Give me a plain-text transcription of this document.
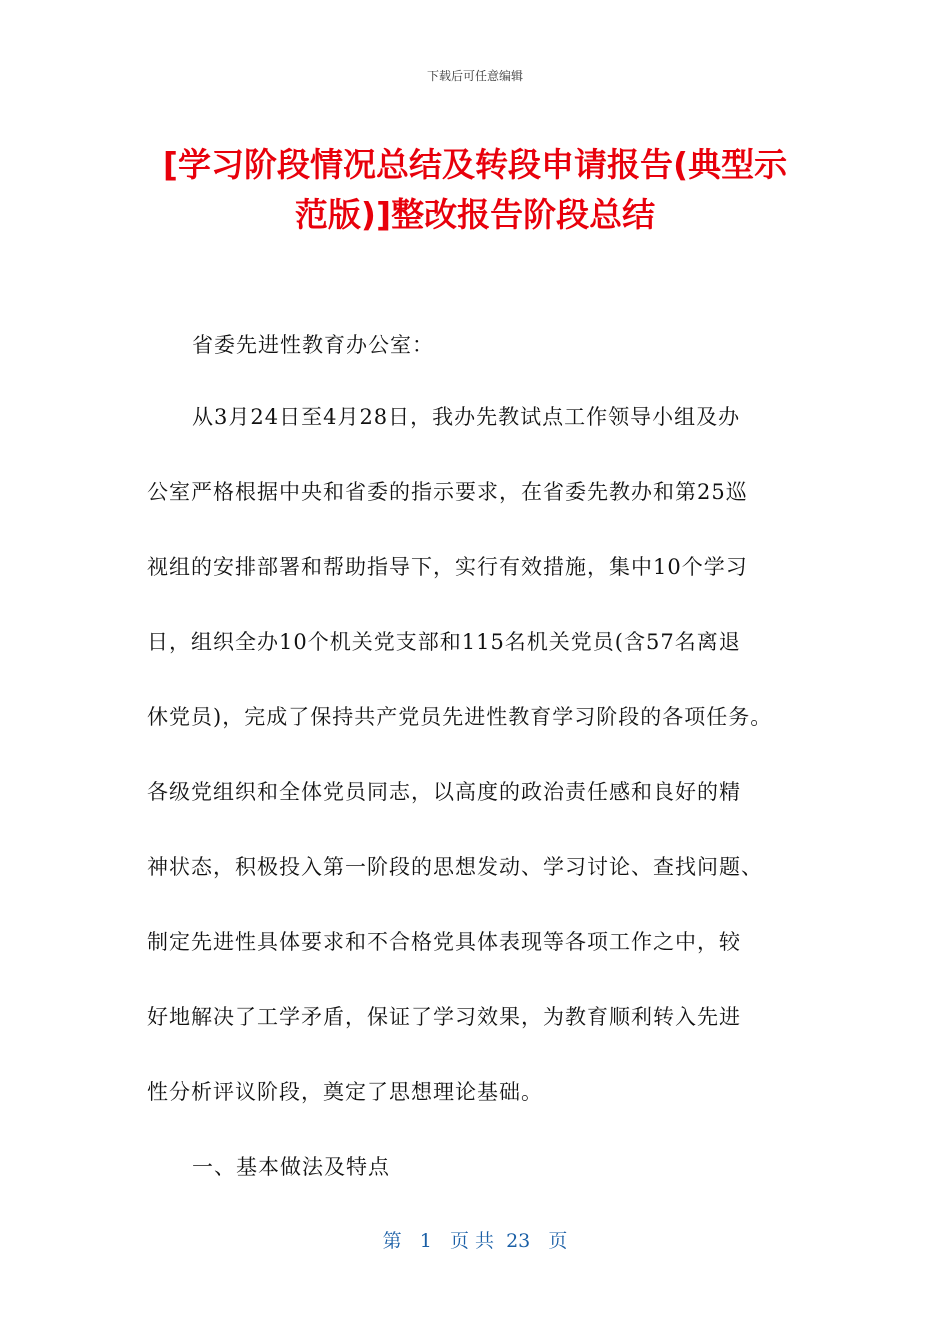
下载后可任意编辑
[学习阶段情况总结及转段申请报告(典型示
范版)]整改报告阶段总结
省委先进性教育办公室：
从3月24日至4月28日，我办先教试点工作领导小组及办
公室严格根据中央和省委的指示要求，在省委先教办和第25巡
视组的安排部署和帮助指导下，实行有效措施，集中10个学习
日，组织全办10个机关党支部和115名机关党员(含57名离退
休党员)，完成了保持共产党员先进性教育学习阶段的各项任务。
各级党组织和全体党员同志，以高度的政治责任感和良好的精
神状态，积极投入第一阶段的思想发动、学习讨论、查找问题、
制定先进性具体要求和不合格党具体表现等各项工作之中，较
好地解决了工学矛盾，保证了学习效果，为教育顺利转入先进
性分析评议阶段，奠定了思想理论基础。
一、基本做法及特点
第 1 页 共 23 页
